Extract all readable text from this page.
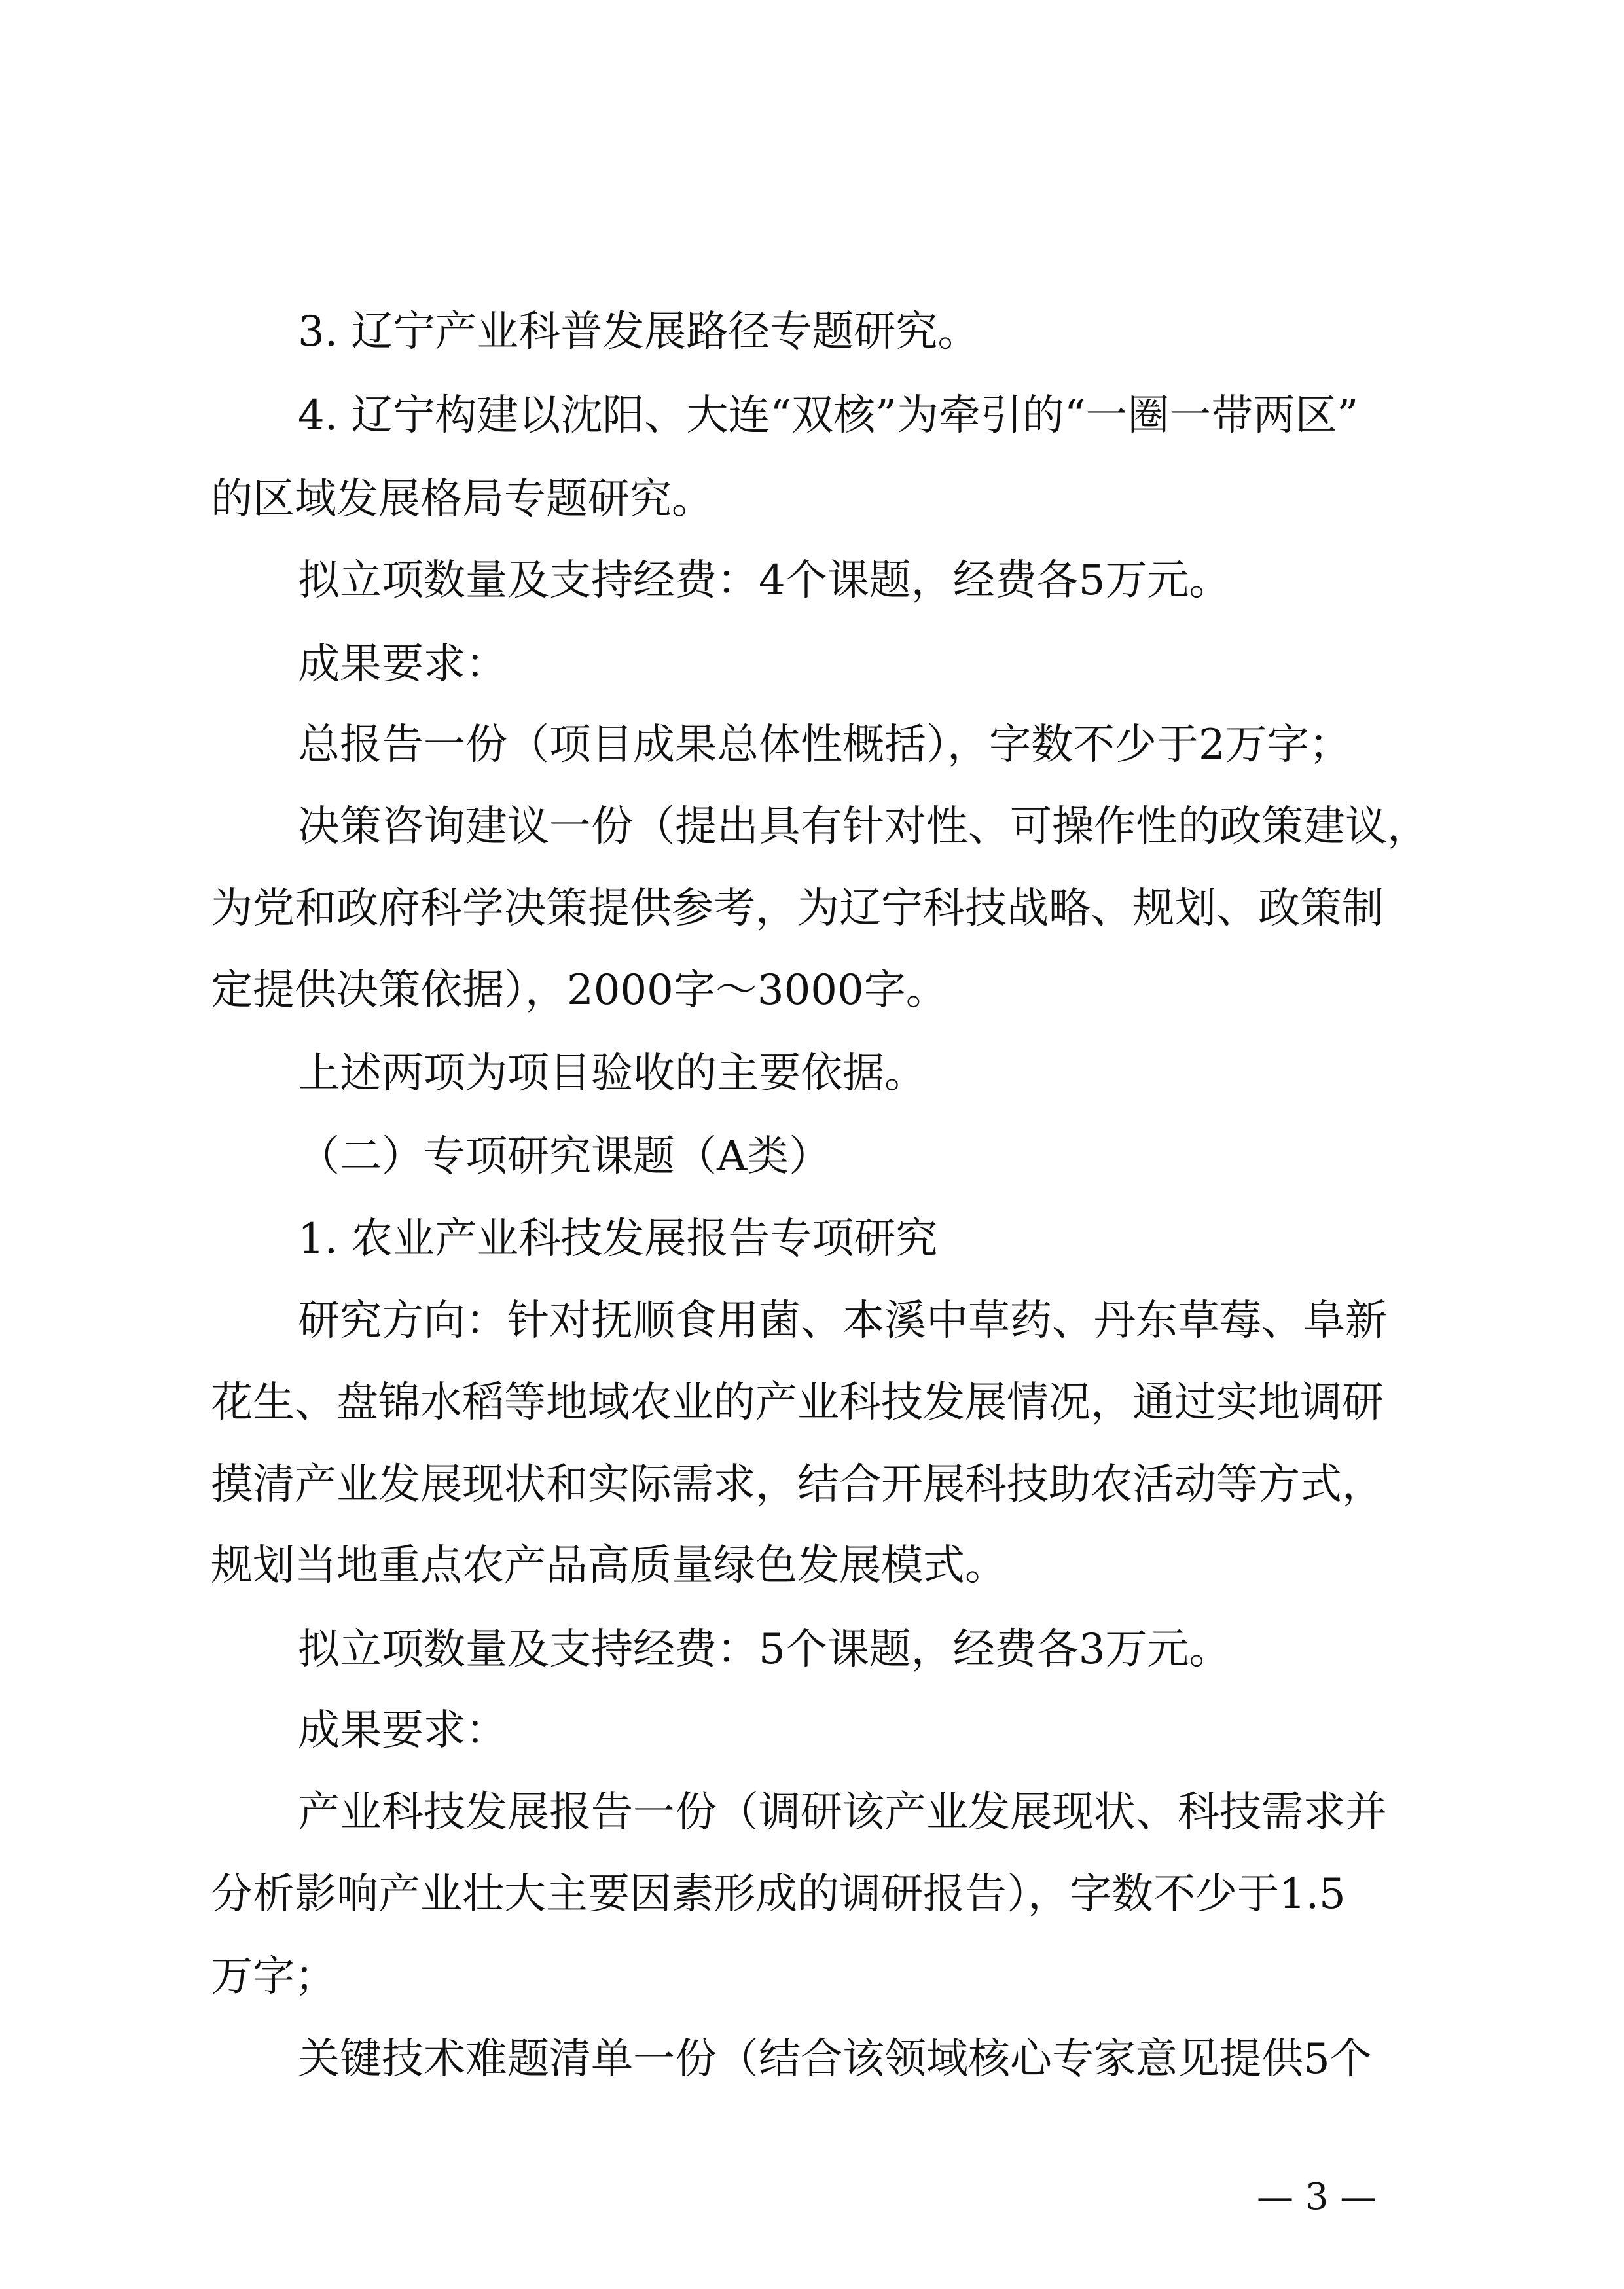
3. 辽宁产业科普发展路径专题研究。
4. 辽宁构建以沈阳、大连“双核”为牵引的“一圈一带两区”
的区域发展格局专题研究。
拟立项数量及支持经费：4个课题，经费各5万元。
成果要求：
总报告一份（项目成果总体性概括），字数不少于2万字；
决策咨询建议一份（提出具有针对性、可操作性的政策建议，
为党和政府科学决策提供参考，为辽宁科技战略、规划、政策制
定提供决策依据），2000字～3000字。
上述两项为项目验收的主要依据。
（二）专项研究课题（A类）
1. 农业产业科技发展报告专项研究
研究方向：针对抚顺食用菌、本溪中草药、丹东草莓、阜新
花生、盘锦水稻等地域农业的产业科技发展情况，通过实地调研
摸清产业发展现状和实际需求，结合开展科技助农活动等方式，
规划当地重点农产品高质量绿色发展模式。
拟立项数量及支持经费：5个课题，经费各3万元。
成果要求：
产业科技发展报告一份（调研该产业发展现状、科技需求并
分析影响产业壮大主要因素形成的调研报告），字数不少于1.5
万字；
关键技术难题清单一份（结合该领域核心专家意见提供5个
— 3 —
